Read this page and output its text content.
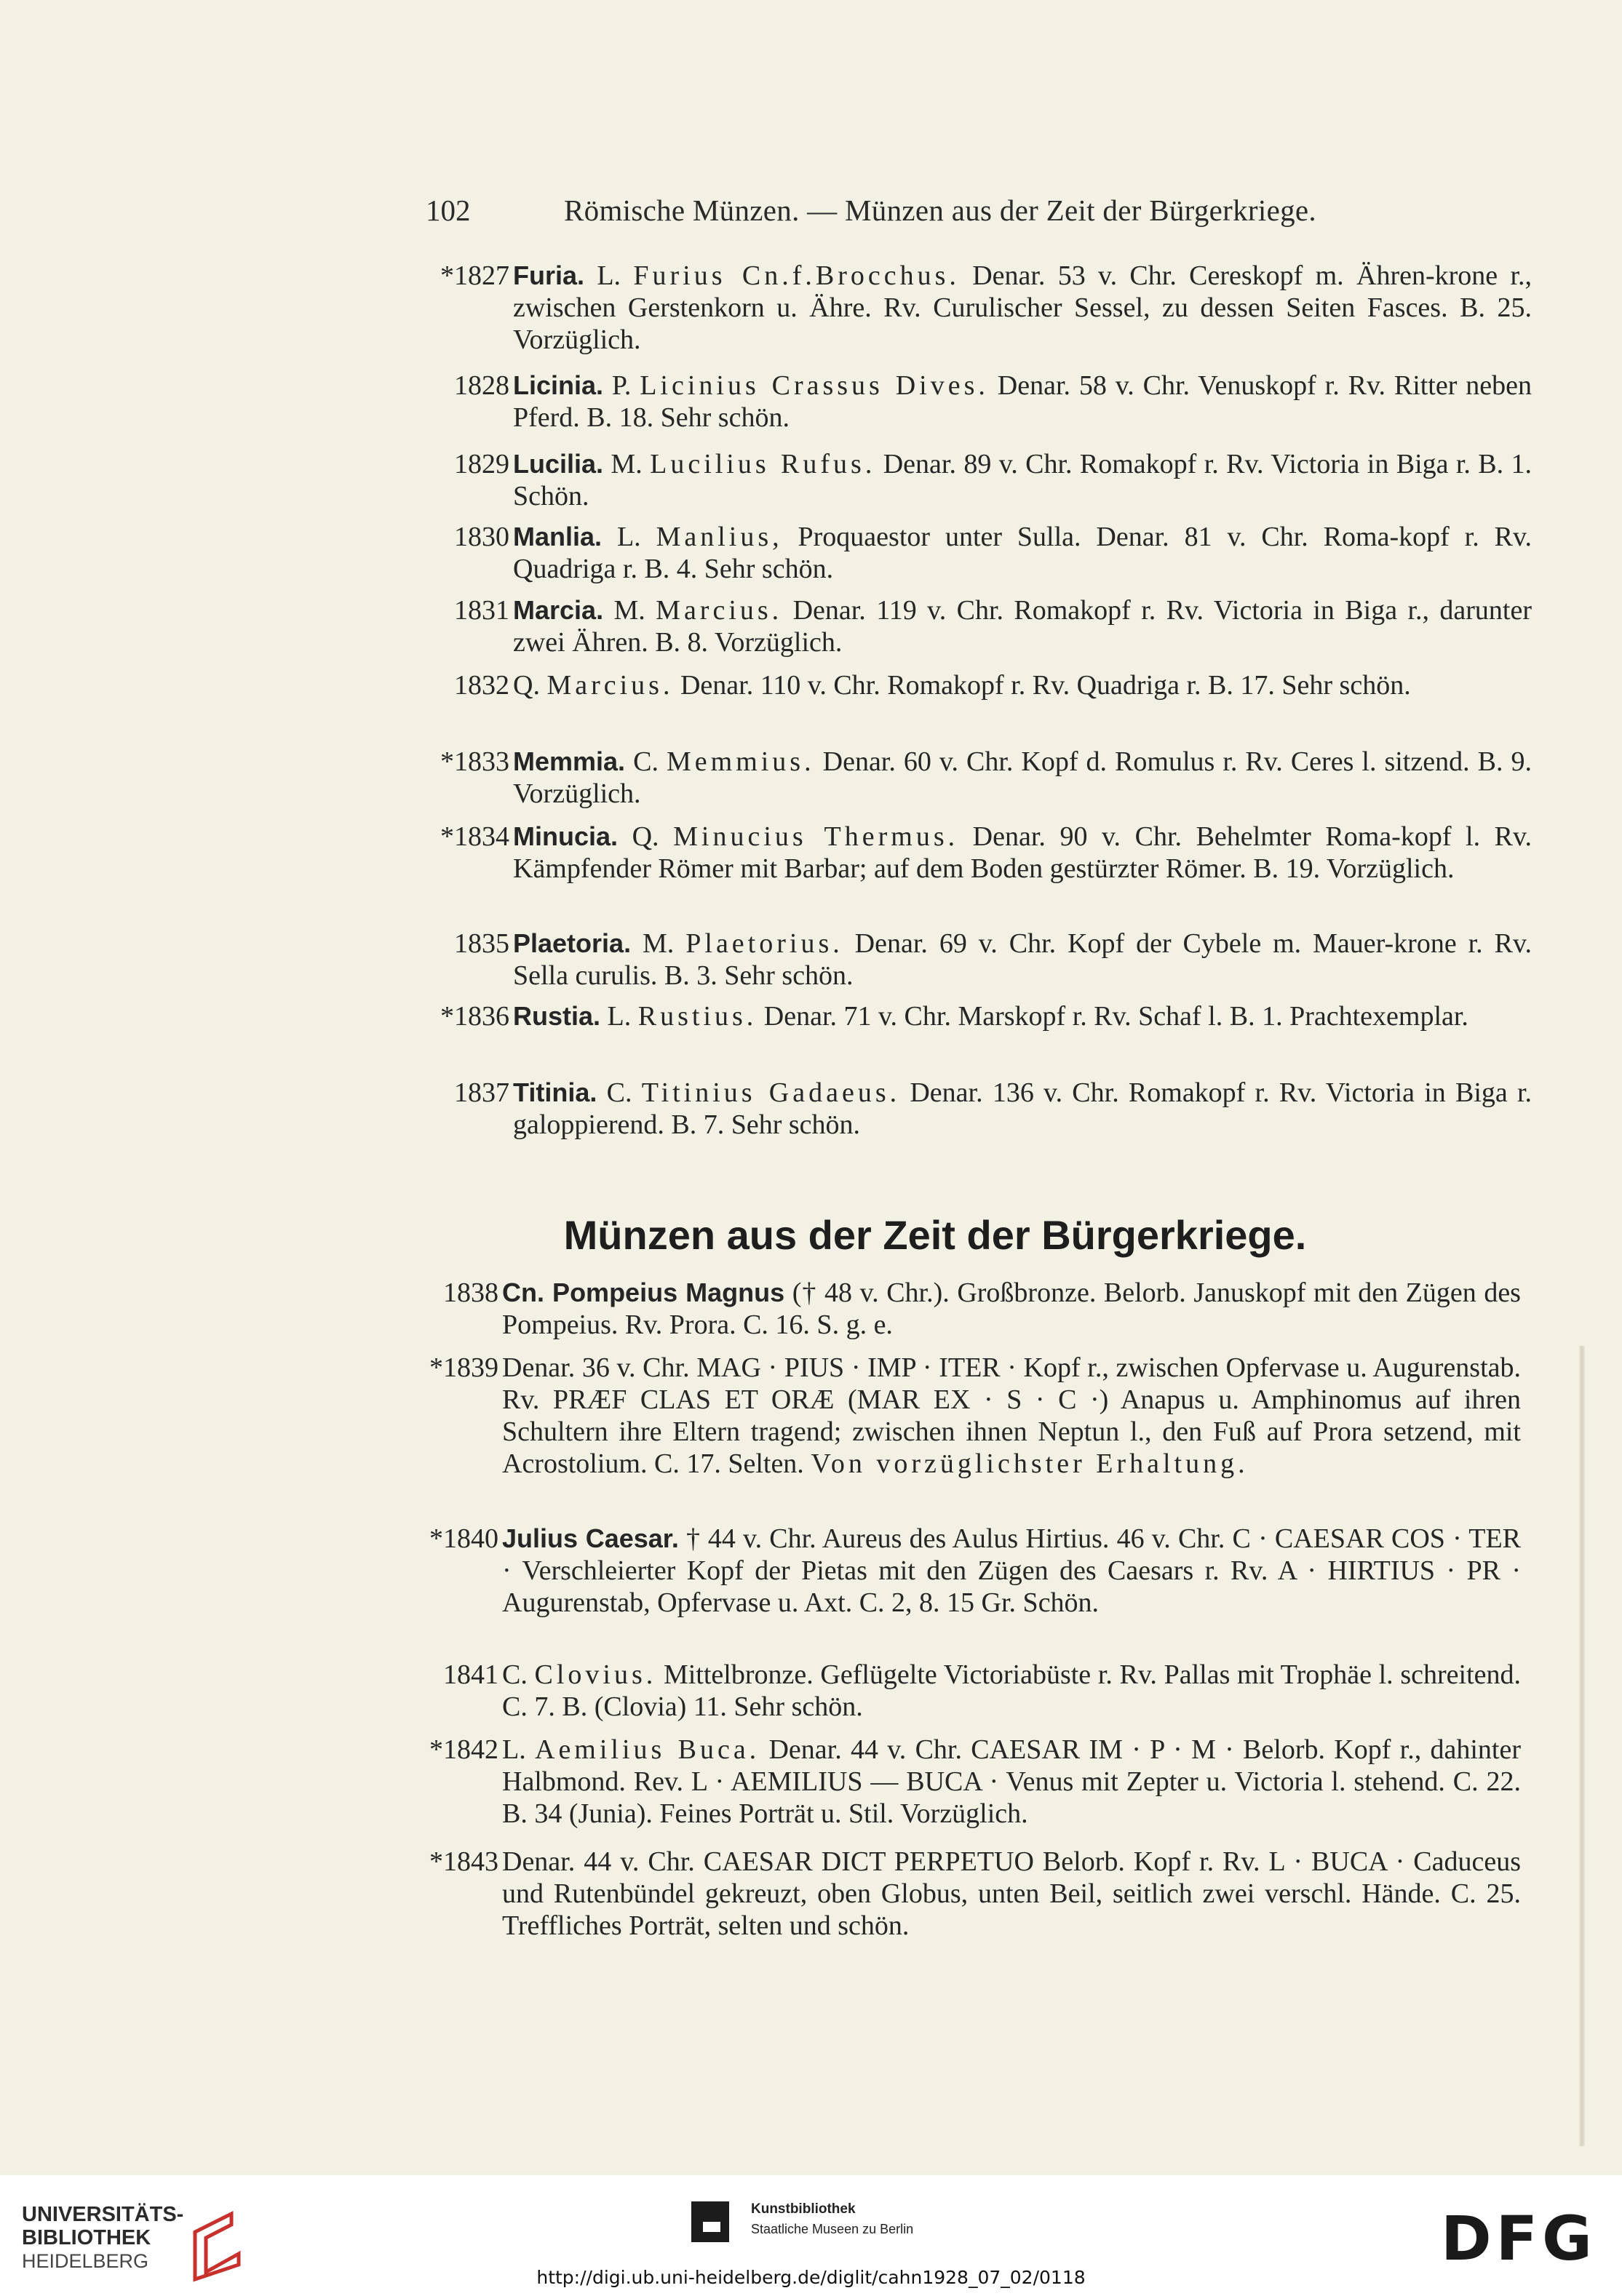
102	Römische Münzen. — Münzen aus der Zeit der Bürgerkriege.
*1827 Furia. L. Furius Cn.f.Brocchus. Denar. 53 v. Chr. Cereskopf m. Ähren-krone r., zwischen Gerstenkorn u. Ähre. Rv. Curulischer Sessel, zu dessen Seiten Fasces. B. 25. Vorzüglich.
1828 Licinia. P. Licinius Crassus Dives. Denar. 58 v. Chr. Venuskopf r. Rv. Ritter neben Pferd. B. 18. Sehr schön.
1829 Lucilia. M. Lucilius Rufus. Denar. 89 v. Chr. Romakopf r. Rv. Victoria in Biga r. B. 1. Schön.
1830 Manlia. L. Manlius, Proquaestor unter Sulla. Denar. 81 v. Chr. Roma-kopf r. Rv. Quadriga r. B. 4. Sehr schön.
1831 Marcia. M. Marcius. Denar. 119 v. Chr. Romakopf r. Rv. Victoria in Biga r., darunter zwei Ähren. B. 8. Vorzüglich.
1832 Q. Marcius. Denar. 110 v. Chr. Romakopf r. Rv. Quadriga r. B. 17. Sehr schön.
*1833 Memmia. C. Memmius. Denar. 60 v. Chr. Kopf d. Romulus r. Rv. Ceres l. sitzend. B. 9. Vorzüglich.
*1834 Minucia. Q. Minucius Thermus. Denar. 90 v. Chr. Behelmter Roma-kopf l. Rv. Kämpfender Römer mit Barbar; auf dem Boden gestürzter Römer. B. 19. Vorzüglich.
1835 Plaetoria. M. Plaetorius. Denar. 69 v. Chr. Kopf der Cybele m. Mauer-krone r. Rv. Sella curulis. B. 3. Sehr schön.
*1836 Rustia. L. Rustius. Denar. 71 v. Chr. Marskopf r. Rv. Schaf l. B. 1. Prachtexemplar.
1837 Titinia. C. Titinius Gadaeus. Denar. 136 v. Chr. Romakopf r. Rv. Victoria in Biga r. galoppierend. B. 7. Sehr schön.
Münzen aus der Zeit der Bürgerkriege.
1838 Cn. Pompeius Magnus († 48 v. Chr.). Großbronze. Belorb. Januskopf mit den Zügen des Pompeius. Rv. Prora. C. 16. S. g. e.
*1839 Denar. 36 v. Chr. MAG · PIUS · IMP · ITER · Kopf r., zwischen Opfervase u. Augurenstab. Rv. PRÆF CLAS ET ORÆ (MAR EX · S · C ·) Anapus u. Amphinomus auf ihren Schultern ihre Eltern tragend; zwischen ihnen Neptun l., den Fuß auf Prora setzend, mit Acrostolium. C. 17. Selten. Von vorzüglichster Erhaltung.
*1840 Julius Caesar. † 44 v. Chr. Aureus des Aulus Hirtius. 46 v. Chr. C · CAESAR COS · TER · Verschleierter Kopf der Pietas mit den Zügen des Caesars r. Rv. A · HIRTIUS · PR · Augurenstab, Opfervase u. Axt. C. 2, 8. 15 Gr. Schön.
1841 C. Clovius. Mittelbronze. Geflügelte Victoriabüste r. Rv. Pallas mit Trophäe l. schreitend. C. 7. B. (Clovia) 11. Sehr schön.
*1842 L. Aemilius Buca. Denar. 44 v. Chr. CAESAR IM · P · M · Belorb. Kopf r., dahinter Halbmond. Rev. L · AEMILIUS — BUCA · Venus mit Zepter u. Victoria l. stehend. C. 22. B. 34 (Junia). Feines Porträt u. Stil. Vorzüglich.
*1843 Denar. 44 v. Chr. CAESAR DICT PERPETUO Belorb. Kopf r. Rv. L · BUCA · Caduceus und Rutenbündel gekreuzt, oben Globus, unten Beil, seitlich zwei verschl. Hände. C. 25. Treffliches Porträt, selten und schön.
UNIVERSITÄTS-
BIBLIOTHEK
HEIDELBERG
Kunstbibliothek
Staatliche Museen zu Berlin	DFG
http://digi.ub.uni-heidelberg.de/diglit/cahn1928_07_02/0118
